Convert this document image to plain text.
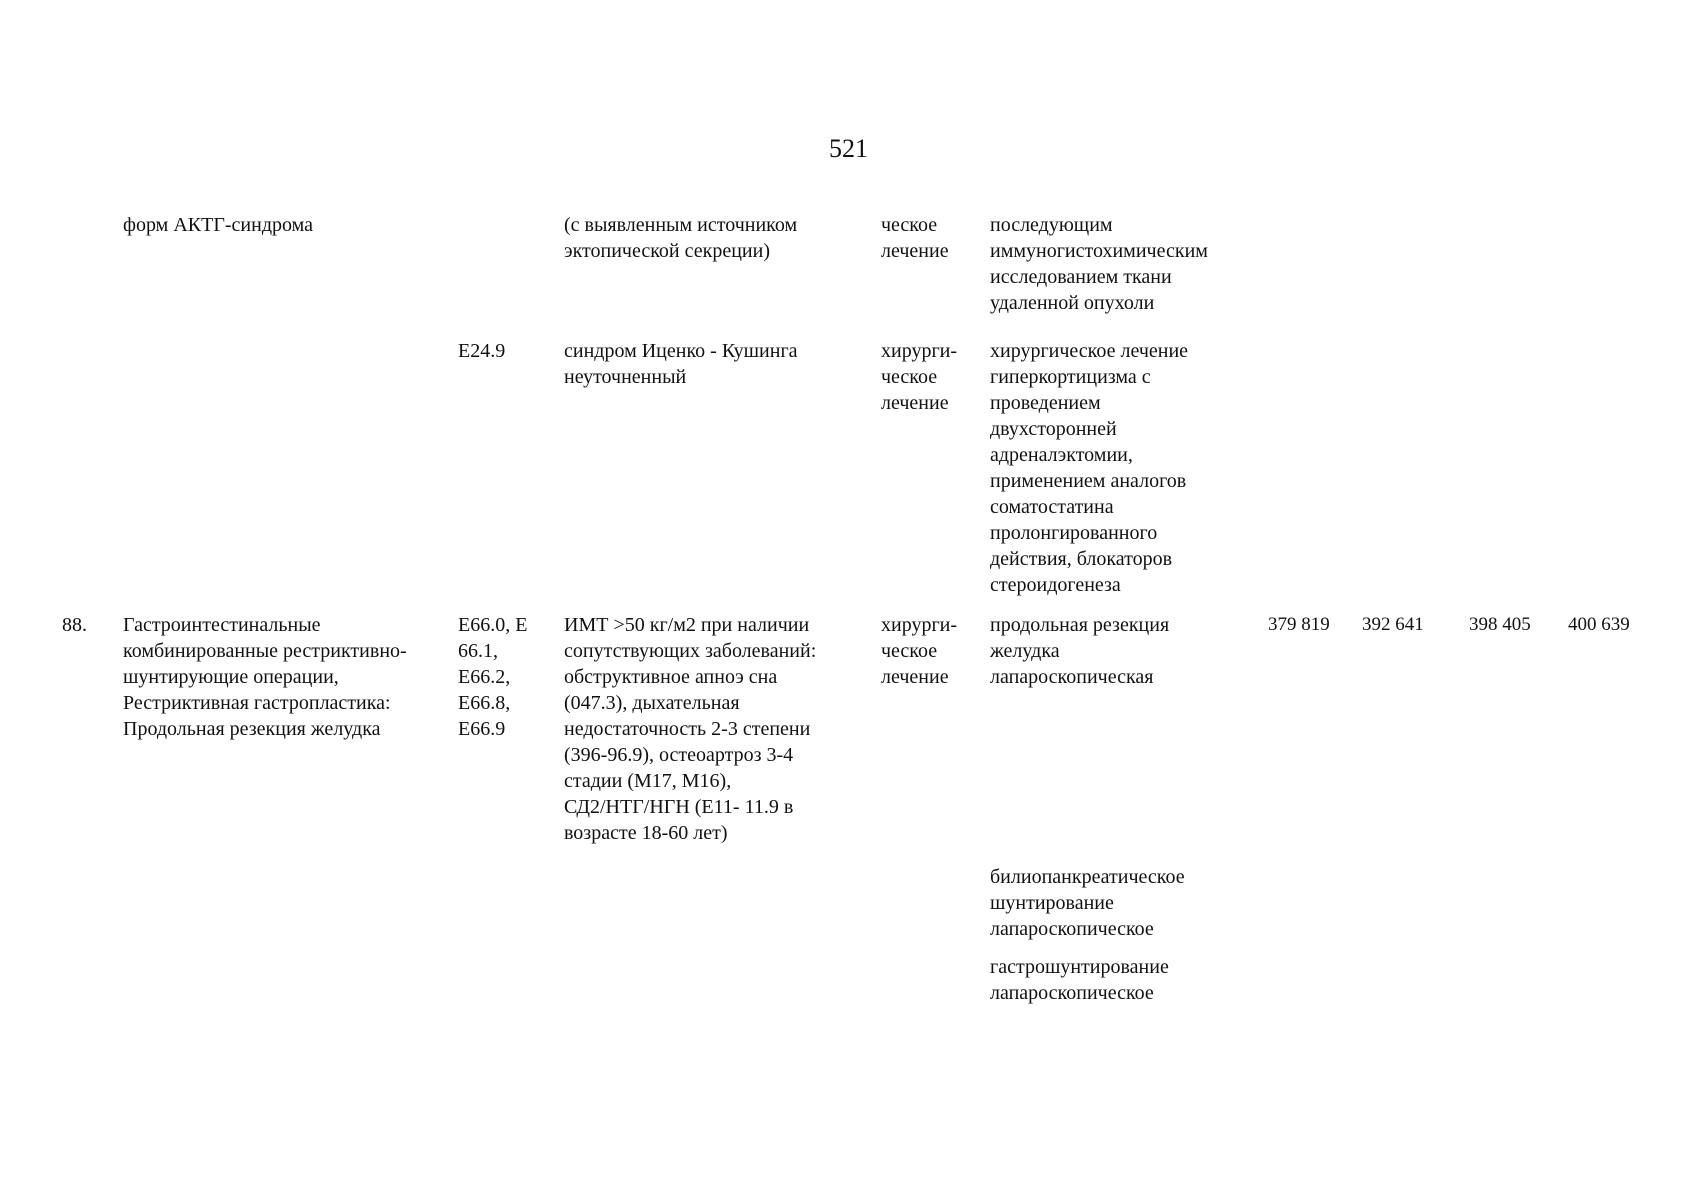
521
форм АКТГ-синдрома	(с выявленным источником
эктопической секреции)
ческое
лечение
последующим
иммуногистохимическим
исследованием ткани
удаленной опухоли
E24.9	синдром Иценко - Кушинга
неуточненный
хирурги-
ческое
лечение
хирургическое лечение
гиперкортицизма с
проведением
двухсторонней
адреналэктомии,
применением аналогов
соматостатина
пролонгированного
действия, блокаторов
стероидогенеза
88. Гастроинтестинальные
комбинированные рестриктивно-
шунтирующие операции,
Рестриктивная гастропластика:
Продольная резекция желудка
E66.0, E
66.1,
E66.2,
E66.8,
E66.9
ИМТ >50 кг/м2 при наличии
сопутствующих заболеваний:
обструктивное апноэ сна
(047.3), дыхательная
недостаточность 2-3 степени
(396-96.9), остеоартроз 3-4
стадии (M17, M16),
СД2/НТГ/НГН (E11- 11.9 в
возрасте 18-60 лет)
хирурги-
ческое
лечение
продольная резекция
желудка
лапароскопическая
379 819 392 641 398 405 400 639
билиопанкреатическое
шунтирование
лапароскопическое
гастрошунтирование
лапароскопическое
